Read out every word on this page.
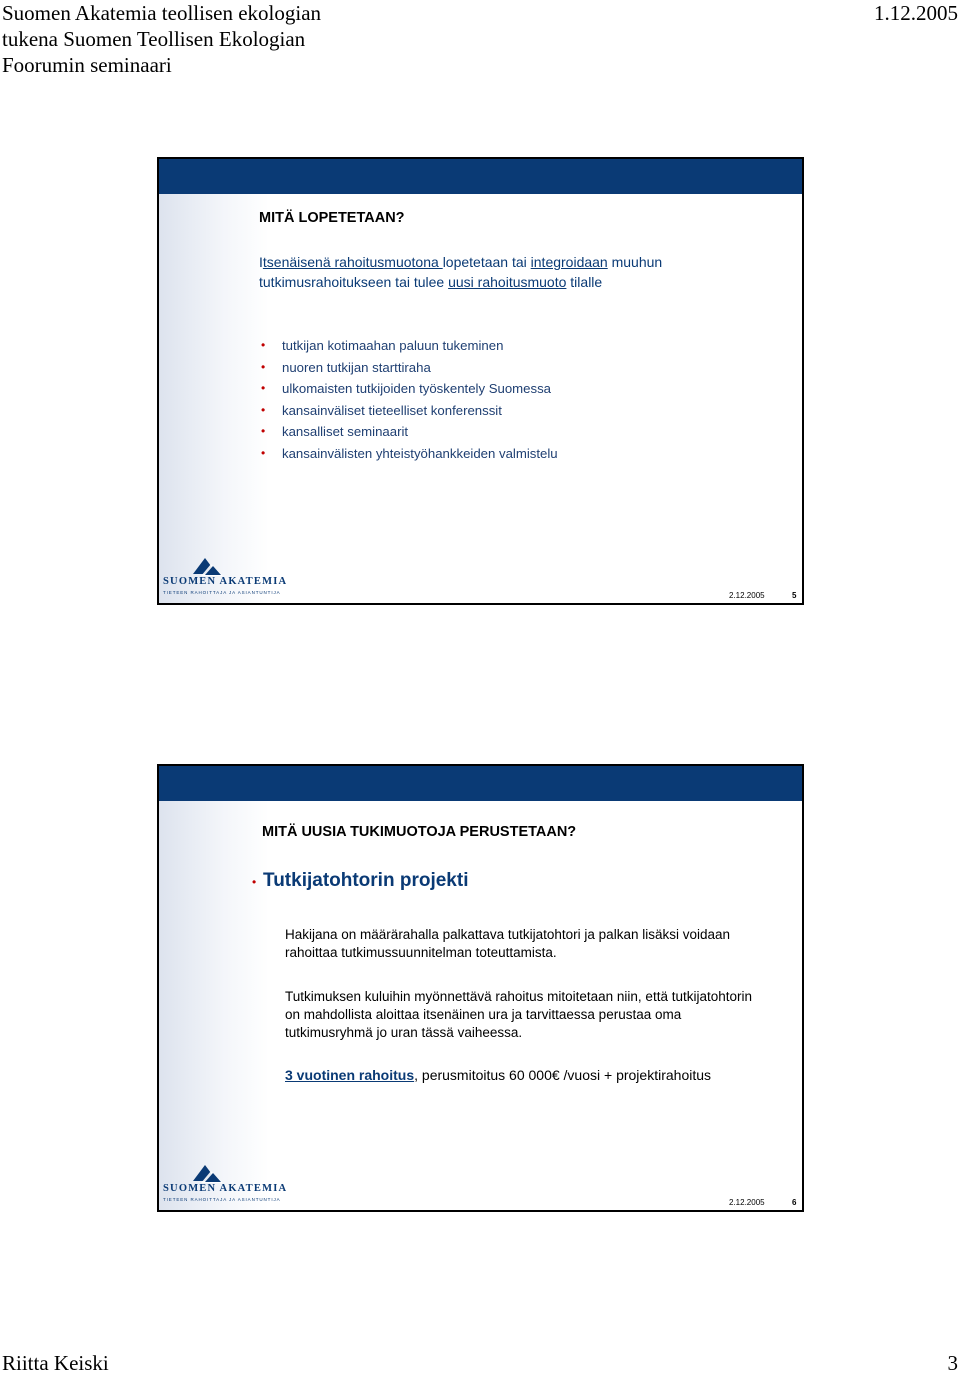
Suomen Akatemia teollisen ekologian
tukena Suomen Teollisen Ekologian
Foorumin seminaari
1.12.2005
MITÄ LOPETETAAN?
Itsenäisenä rahoitusmuotona lopetetaan tai integroidaan muuhun tutkimusrahoitukseen tai tulee uusi rahoitusmuoto tilalle
• tutkijan kotimaahan paluun tukeminen
• nuoren tutkijan starttiraha
• ulkomaisten tutkijoiden työskentely Suomessa
• kansainväliset tieteelliset konferenssit
• kansalliset seminaarit
• kansainvälisten yhteistyöhankkeiden valmistelu
SUOMEN AKATEMIA
TIETEEN RAHOITTAJA JA ASIANTUNTIJA	2.12.2005	5
MITÄ UUSIA TUKIMUOTOJA PERUSTETAAN?
• Tutkijatohtorin projekti
Hakijana on määrärahalla palkattava tutkijatohtori ja palkan lisäksi voidaan rahoittaa tutkimussuunnitelman toteuttamista.
Tutkimuksen kuluihin myönnettävä rahoitus mitoitetaan niin, että tutkijatohtorin on mahdollista aloittaa itsenäinen ura ja tarvittaessa perustaa oma tutkimusryhmä jo uran tässä vaiheessa.
3 vuotinen rahoitus, perusmitoitus 60 000€ /vuosi + projektirahoitus
SUOMEN AKATEMIA
TIETEEN RAHOITTAJA JA ASIANTUNTIJA	2.12.2005	6
Riitta Keiski	3
